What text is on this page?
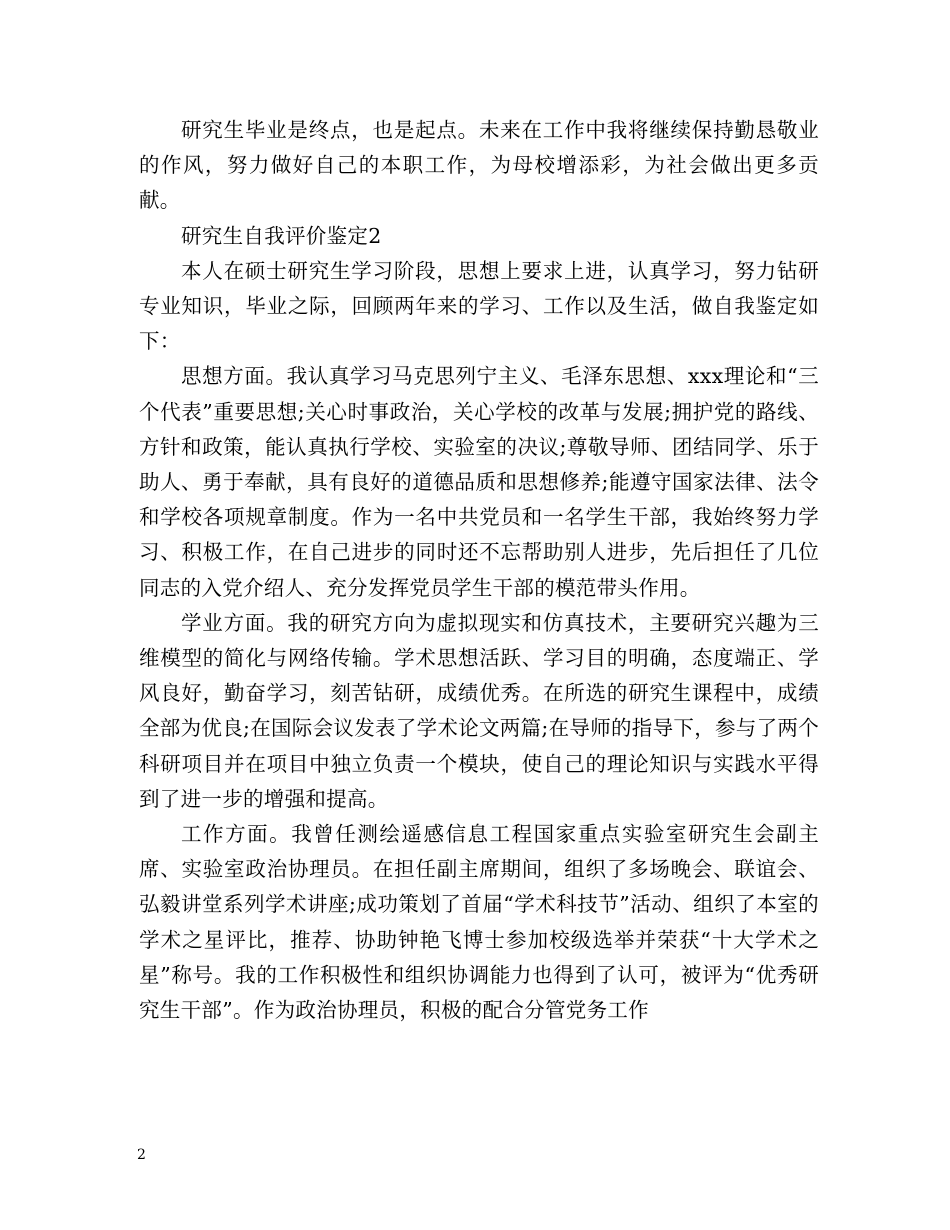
研究生毕业是终点，也是起点。未来在工作中我将继续保持勤恳敬业的作风，努力做好自己的本职工作，为母校增添彩，为社会做出更多贡献。

研究生自我评价鉴定2

本人在硕士研究生学习阶段，思想上要求上进，认真学习，努力钻研专业知识，毕业之际，回顾两年来的学习、工作以及生活，做自我鉴定如下：

思想方面。我认真学习马克思列宁主义、毛泽东思想、xxx理论和“三个代表”重要思想;关心时事政治，关心学校的改革与发展;拥护党的路线、方针和政策，能认真执行学校、实验室的决议;尊敬导师、团结同学、乐于助人、勇于奉献，具有良好的道德品质和思想修养;能遵守国家法律、法令和学校各项规章制度。作为一名中共党员和一名学生干部，我始终努力学习、积极工作，在自己进步的同时还不忘帮助别人进步，先后担任了几位同志的入党介绍人、充分发挥党员学生干部的模范带头作用。

学业方面。我的研究方向为虚拟现实和仿真技术，主要研究兴趣为三维模型的简化与网络传输。学术思想活跃、学习目的明确，态度端正、学风良好，勤奋学习，刻苦钻研，成绩优秀。在所选的研究生课程中，成绩全部为优良;在国际会议发表了学术论文两篇;在导师的指导下，参与了两个科研项目并在项目中独立负责一个模块，使自己的理论知识与实践水平得到了进一步的增强和提高。

工作方面。我曾任测绘遥感信息工程国家重点实验室研究生会副主席、实验室政治协理员。在担任副主席期间，组织了多场晚会、联谊会、弘毅讲堂系列学术讲座;成功策划了首届“学术科技节”活动、组织了本室的学术之星评比，推荐、协助钟艳飞博士参加校级选举并荣获“十大学术之星”称号。我的工作积极性和组织协调能力也得到了认可，被评为“优秀研究生干部”。作为政治协理员，积极的配合分管党务工作

2
